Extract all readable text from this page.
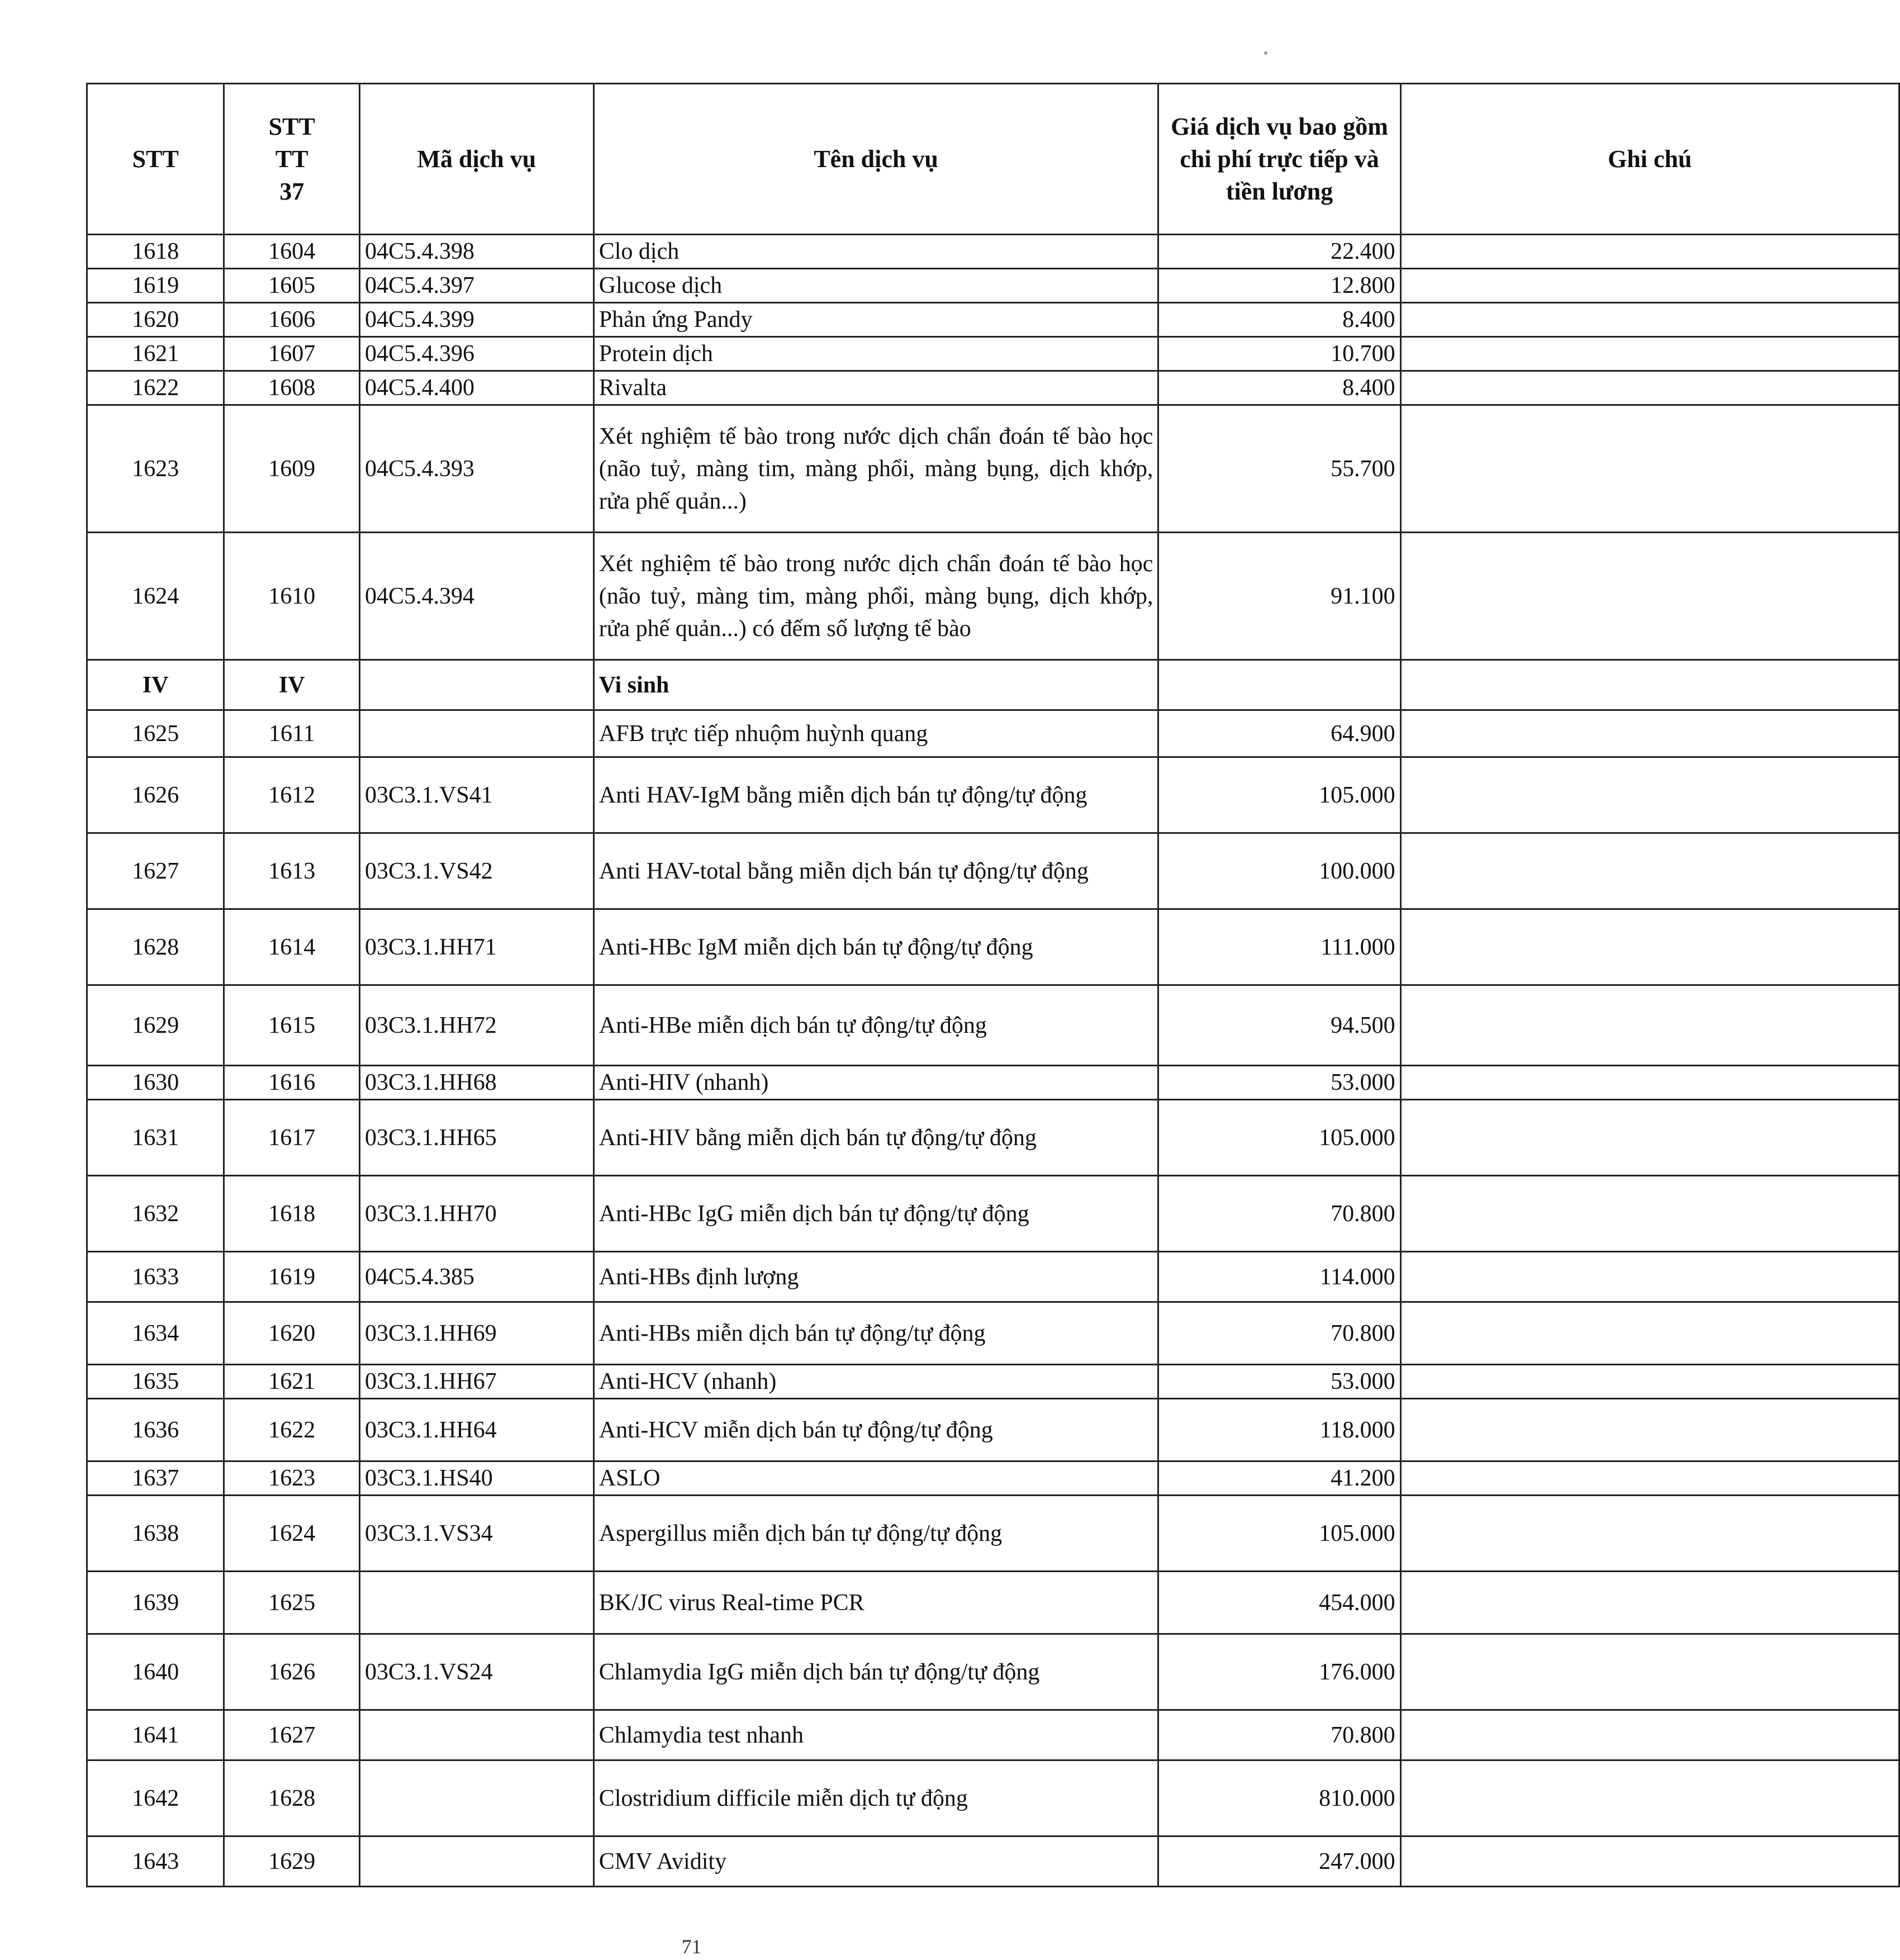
STT	STT TT 37	Mã dịch vụ	Tên dịch vụ	Giá dịch vụ bao gồm chi phí trực tiếp và tiền lương	Ghi chú
1618	1604	04C5.4.398	Clo dịch	22.400	
1619	1605	04C5.4.397	Glucose dịch	12.800	
1620	1606	04C5.4.399	Phản ứng Pandy	8.400	
1621	1607	04C5.4.396	Protein dịch	10.700	
1622	1608	04C5.4.400	Rivalta	8.400	
1623	1609	04C5.4.393	Xét nghiệm tế bào trong nước dịch chẩn đoán tế bào học (não tuỷ, màng tim, màng phổi, màng bụng, dịch khớp, rửa phế quản...)	55.700	
1624	1610	04C5.4.394	Xét nghiệm tế bào trong nước dịch chẩn đoán tế bào học (não tuỷ, màng tim, màng phổi, màng bụng, dịch khớp, rửa phế quản...) có đếm số lượng tế bào	91.100	
IV	IV		Vi sinh		
1625	1611		AFB trực tiếp nhuộm huỳnh quang	64.900	
1626	1612	03C3.1.VS41	Anti HAV-IgM bằng miễn dịch bán tự động/tự động	105.000	
1627	1613	03C3.1.VS42	Anti HAV-total bằng miễn dịch bán tự động/tự động	100.000	
1628	1614	03C3.1.HH71	Anti-HBc IgM miễn dịch bán tự động/tự động	111.000	
1629	1615	03C3.1.HH72	Anti-HBe miễn dịch bán tự động/tự động	94.500	
1630	1616	03C3.1.HH68	Anti-HIV (nhanh)	53.000	
1631	1617	03C3.1.HH65	Anti-HIV bằng miễn dịch bán tự động/tự động	105.000	
1632	1618	03C3.1.HH70	Anti-HBc IgG miễn dịch bán tự động/tự động	70.800	
1633	1619	04C5.4.385	Anti-HBs định lượng	114.000	
1634	1620	03C3.1.HH69	Anti-HBs miễn dịch bán tự động/tự động	70.800	
1635	1621	03C3.1.HH67	Anti-HCV (nhanh)	53.000	
1636	1622	03C3.1.HH64	Anti-HCV miễn dịch bán tự động/tự động	118.000	
1637	1623	03C3.1.HS40	ASLO	41.200	
1638	1624	03C3.1.VS34	Aspergillus miễn dịch bán tự động/tự động	105.000	
1639	1625		BK/JC virus Real-time PCR	454.000	
1640	1626	03C3.1.VS24	Chlamydia IgG miễn dịch bán tự động/tự động	176.000	
1641	1627		Chlamydia test nhanh	70.800	
1642	1628		Clostridium difficile miễn dịch tự động	810.000	
1643	1629		CMV Avidity	247.000	
71
